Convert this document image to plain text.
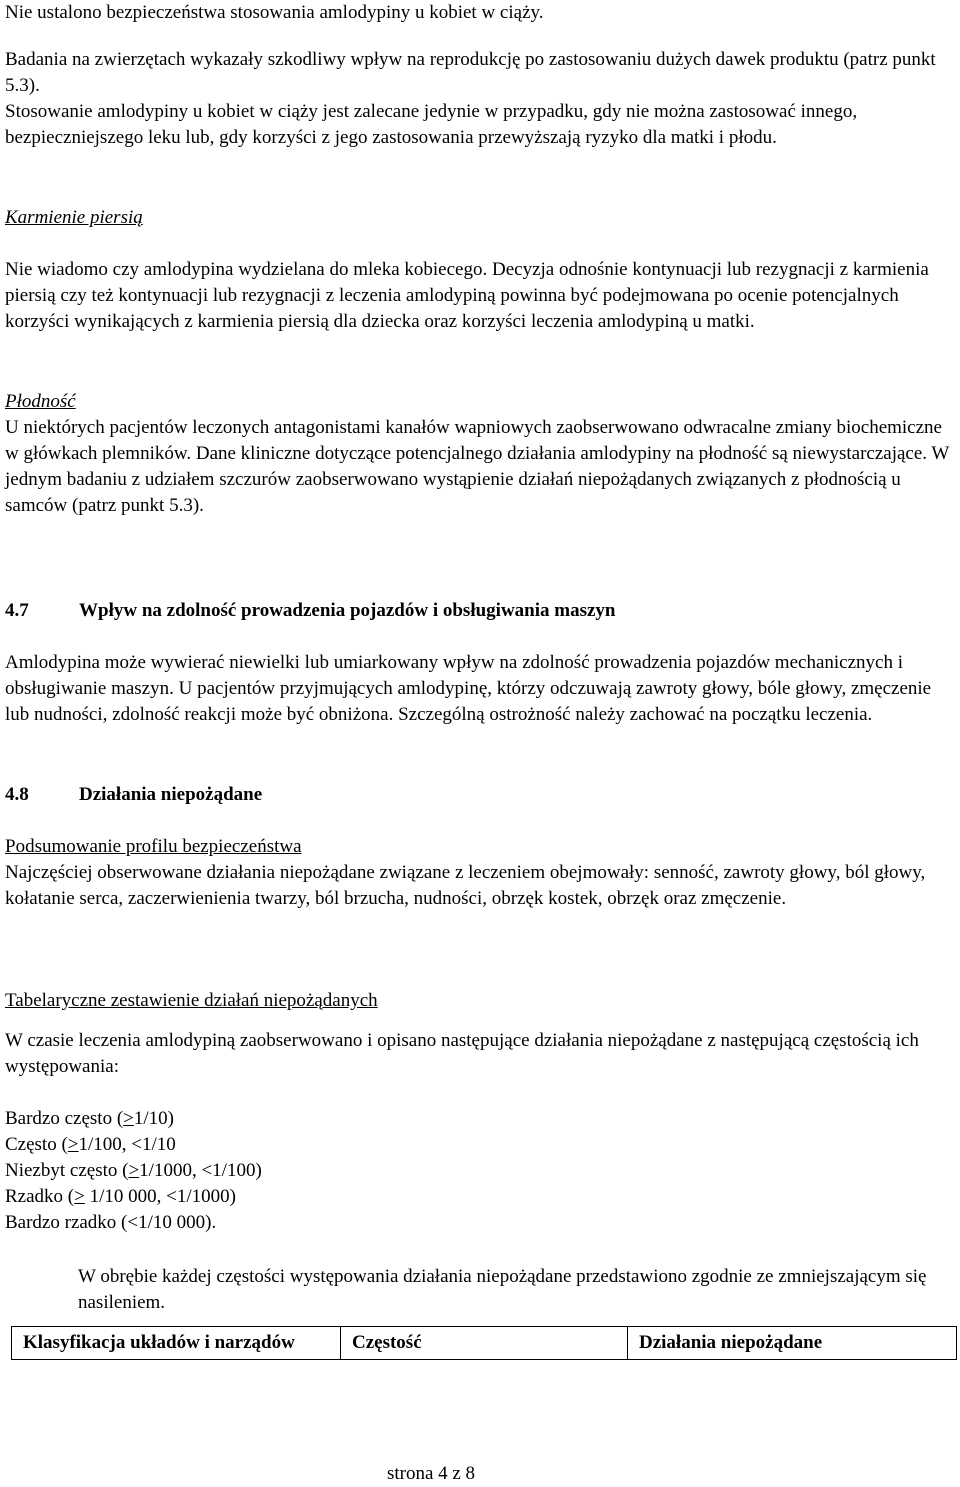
Nie ustalono bezpieczeństwa stosowania amlodypiny u kobiet w ciąży.

Badania na zwierzętach wykazały szkodliwy wpływ na reprodukcję po zastosowaniu dużych dawek produktu (patrz punkt 5.3).

Stosowanie amlodypiny u kobiet w ciąży jest zalecane jedynie w przypadku, gdy nie można zastosować innego, bezpieczniejszego leku lub, gdy korzyści z jego zastosowania przewyższają ryzyko dla matki i płodu.

Karmienie piersią

Nie wiadomo czy amlodypina wydzielana do mleka kobiecego. Decyzja odnośnie kontynuacji lub rezygnacji z karmienia piersią czy też kontynuacji lub rezygnacji z leczenia amlodypiną powinna być podejmowana po ocenie potencjalnych korzyści wynikających z karmienia piersią dla dziecka oraz korzyści leczenia amlodypiną u matki.

Płodność

U niektórych pacjentów leczonych antagonistami kanałów wapniowych zaobserwowano odwracalne zmiany biochemiczne w główkach plemników. Dane kliniczne dotyczące potencjalnego działania amlodypiny na płodność są niewystarczające. W jednym badaniu z udziałem szczurów zaobserwowano wystąpienie działań niepożądanych związanych z płodnością u samców (patrz punkt 5.3).

4.7	Wpływ na zdolność prowadzenia pojazdów i obsługiwania maszyn

Amlodypina może wywierać niewielki lub umiarkowany wpływ na zdolność prowadzenia pojazdów mechanicznych i obsługiwanie maszyn. U pacjentów przyjmujących amlodypinę, którzy odczuwają zawroty głowy, bóle głowy, zmęczenie lub nudności, zdolność reakcji może być obniżona. Szczególną ostrożność należy zachować na początku leczenia.

4.8	Działania niepożądane

Podsumowanie profilu bezpieczeństwa

Najczęściej obserwowane działania niepożądane związane z leczeniem obejmowały: senność, zawroty głowy, ból głowy, kołatanie serca, zaczerwienienia twarzy, ból brzucha, nudności, obrzęk kostek, obrzęk oraz zmęczenie.

Tabelaryczne zestawienie działań niepożądanych

W czasie leczenia amlodypiną zaobserwowano i opisano następujące działania niepożądane z następującą częstością ich występowania:

Bardzo często (>1/10)
Często (>1/100, <1/10
Niezbyt często (>1/1000, <1/100)
Rzadko (> 1/10 000, <1/1000)
Bardzo rzadko (<1/10 000).

W obrębie każdej częstości występowania działania niepożądane przedstawiono zgodnie ze zmniejszającym się nasileniem.

Klasyfikacja układów i narządów	Częstość	Działania niepożądane
strona 4 z 8
